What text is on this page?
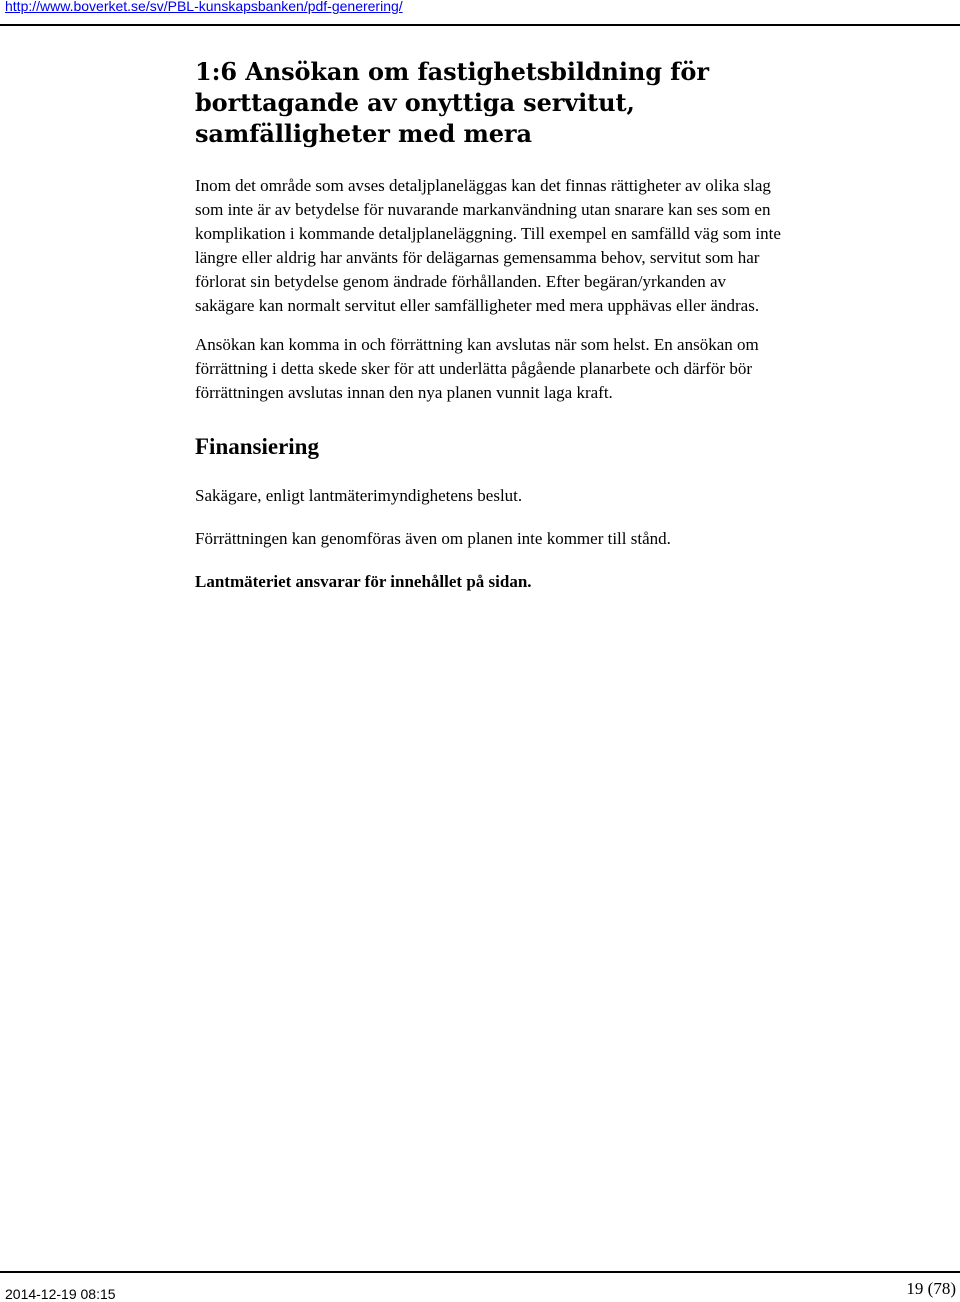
http://www.boverket.se/sv/PBL-kunskapsbanken/pdf-generering/
1:6 Ansökan om fastighetsbildning för borttagande av onyttiga servitut, samfälligheter med mera

Inom det område som avses detaljplaneläggas kan det finnas rättigheter av olika slag som inte är av betydelse för nuvarande markanvändning utan snarare kan ses som en komplikation i kommande detaljplaneläggning. Till exempel en samfälld väg som inte längre eller aldrig har använts för delägarnas gemensamma behov, servitut som har förlorat sin betydelse genom ändrade förhållanden. Efter begäran/yrkanden av sakägare kan normalt servitut eller samfälligheter med mera upphävas eller ändras.

Ansökan kan komma in och förrättning kan avslutas när som helst. En ansökan om förrättning i detta skede sker för att underlätta pågående planarbete och därför bör förrättningen avslutas innan den nya planen vunnit laga kraft.

Finansiering

Sakägare, enligt lantmäterimyndighetens beslut.

Förrättningen kan genomföras även om planen inte kommer till stånd.

Lantmäteriet ansvarar för innehållet på sidan.

2014-12-19 08:15	19 (78)
